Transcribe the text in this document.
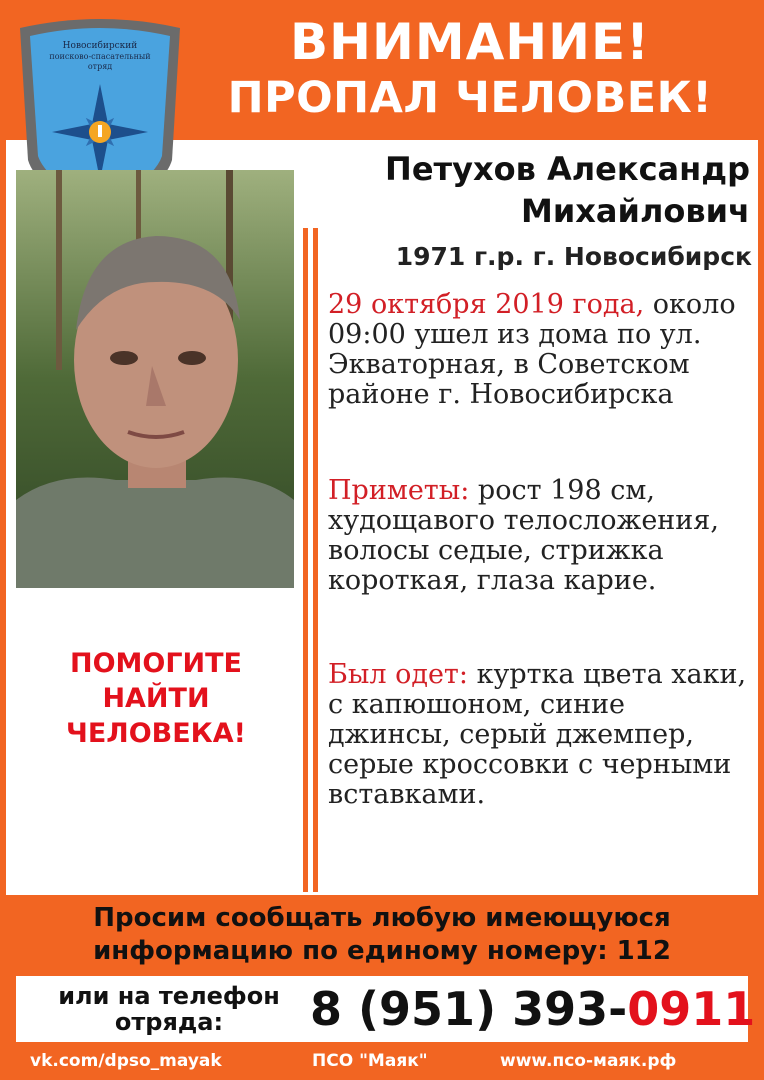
ВНИМАНИЕ!
ПРОПАЛ ЧЕЛОВЕК!
Новосибирский
поисково-спасательный
отряд
ПОМОГИТЕ
НАЙТИ
ЧЕЛОВЕКА!
Петухов Александр
Михайлович
1971 г.р. г. Новосибирск
29 октября 2019 года, около 09:00 ушел из дома по ул. Экваторная, в Советском районе г. Новосибирска
Приметы: рост 198 см, худощавого телосложения, волосы седые, стрижка короткая, глаза карие.
Был одет: куртка цвета хаки, с капюшоном, синие джинсы, серый джемпер, серые кроссовки с черными вставками.
Просим сообщать любую имеющуюся
информацию по единому номеру: 112
или на телефон
отряда:	8 (951) 393-0911
vk.com/dpso_mayak	ПСО "Маяк"	www.псо-маяк.рф
